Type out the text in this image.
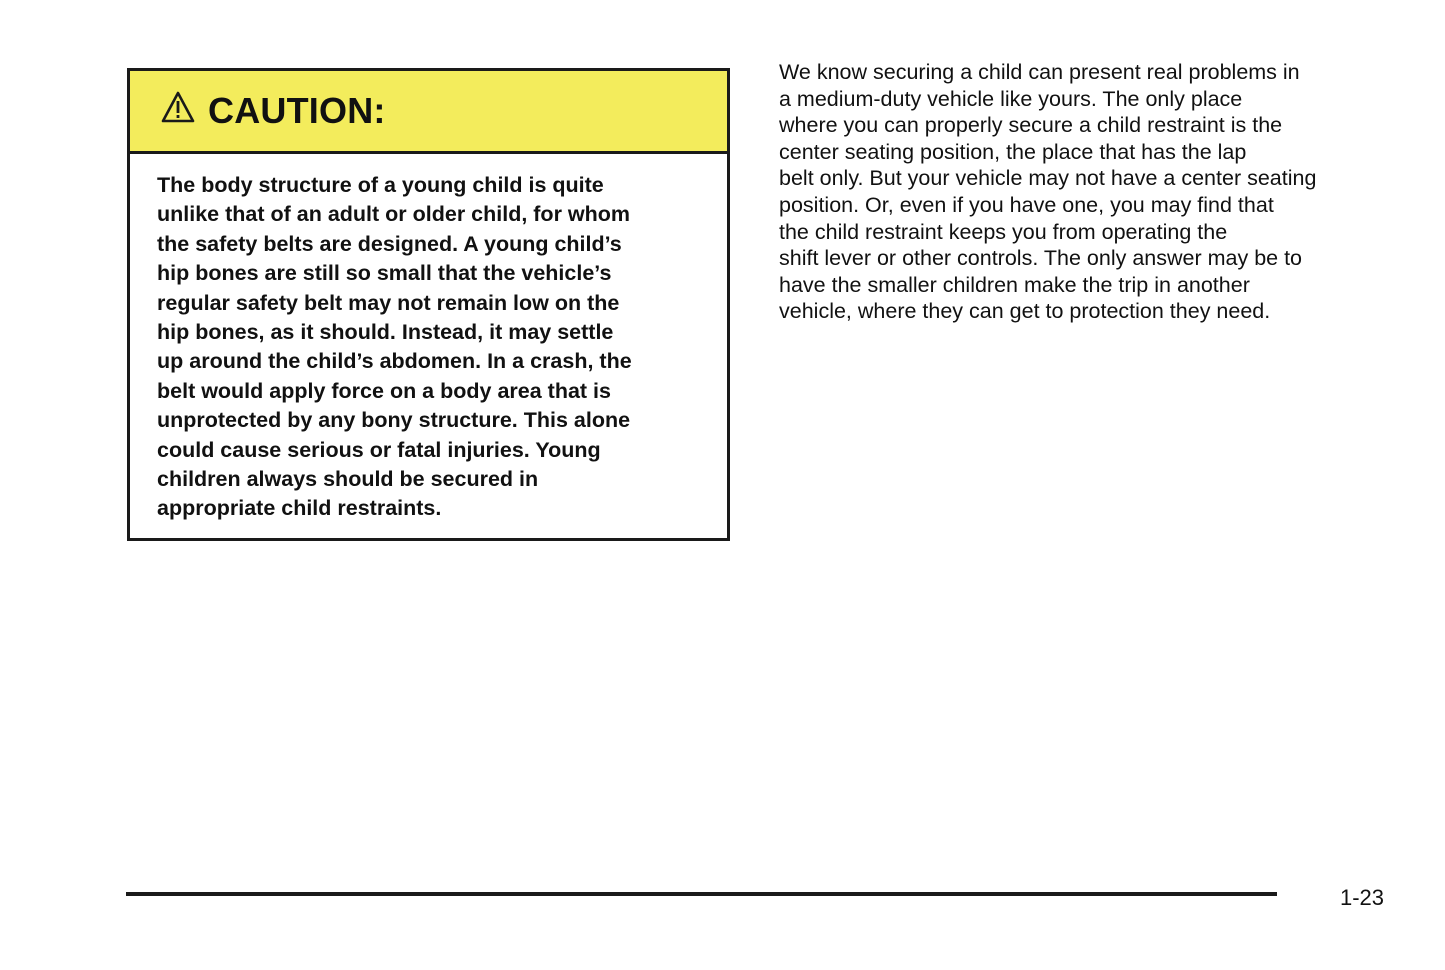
CAUTION:
The body structure of a young child is quite
unlike that of an adult or older child, for whom
the safety belts are designed. A young child’s
hip bones are still so small that the vehicle’s
regular safety belt may not remain low on the
hip bones, as it should. Instead, it may settle
up around the child’s abdomen. In a crash, the
belt would apply force on a body area that is
unprotected by any bony structure. This alone
could cause serious or fatal injuries. Young
children always should be secured in
appropriate child restraints.
We know securing a child can present real problems in
a medium-duty vehicle like yours. The only place
where you can properly secure a child restraint is the
center seating position, the place that has the lap
belt only. But your vehicle may not have a center seating
position. Or, even if you have one, you may find that
the child restraint keeps you from operating the
shift lever or other controls. The only answer may be to
have the smaller children make the trip in another
vehicle, where they can get to protection they need.
1-23
